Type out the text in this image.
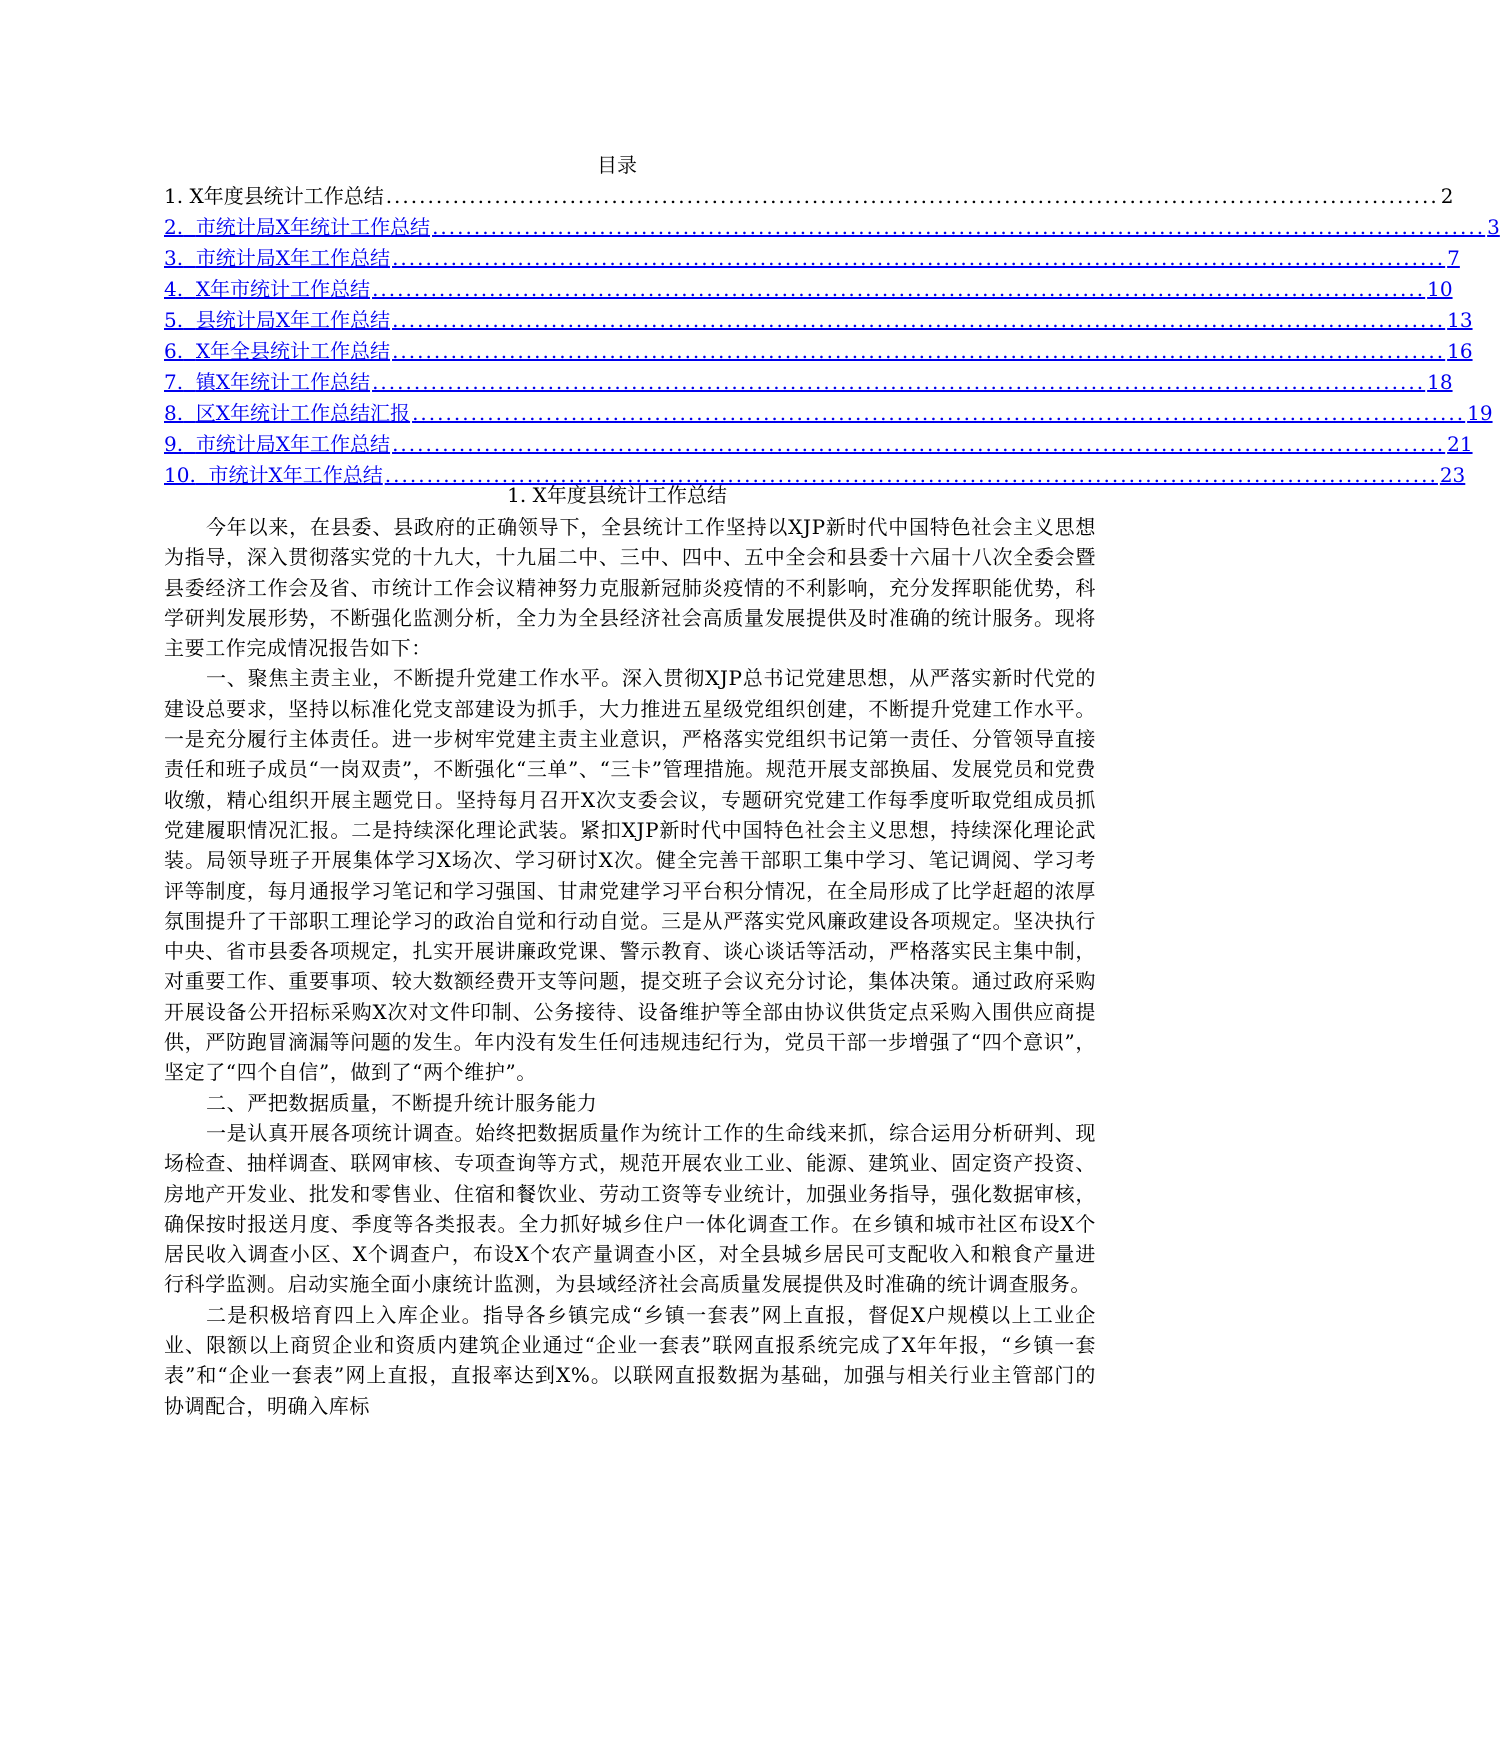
目录
1.
X年度县统计工作总结 .............................................................................................................................. 2
2.
市统计局X年统计工作总结 .............................................................................................................................. 3
3.
市统计局X年工作总结 .............................................................................................................................. 7
4.
X年市统计工作总结 .............................................................................................................................. 10
5.
县统计局X年工作总结 .............................................................................................................................. 13
6.
X年全县统计工作总结 .............................................................................................................................. 16
7.
镇X年统计工作总结 .............................................................................................................................. 18
8.
区X年统计工作总结汇报 .............................................................................................................................. 19
9.
市统计局X年工作总结 .............................................................................................................................. 21
10.
市统计X年工作总结 .............................................................................................................................. 23
1. X年度县统计工作总结

今年以来，在县委、县政府的正确领导下，全县统计工作坚持以XJP新时代中国特色社会主义思想为指导，深入贯彻落实党的十九大，十九届二中、三中、四中、五中全会和县委十六届十八次全委会暨县委经济工作会及省、市统计工作会议精神努力克服新冠肺炎疫情的不利影响，充分发挥职能优势，科学研判发展形势，不断强化监测分析，全力为全县经济社会高质量发展提供及时准确的统计服务。现将主要工作完成情况报告如下：

一、聚焦主责主业，不断提升党建工作水平。深入贯彻XJP总书记党建思想，从严落实新时代党的建设总要求，坚持以标准化党支部建设为抓手，大力推进五星级党组织创建，不断提升党建工作水平。一是充分履行主体责任。进一步树牢党建主责主业意识，严格落实党组织书记第一责任、分管领导直接责任和班子成员“一岗双责”，不断强化“三单”、“三卡”管理措施。规范开展支部换届、发展党员和党费收缴，精心组织开展主题党日。坚持每月召开X次支委会议，专题研究党建工作每季度听取党组成员抓党建履职情况汇报。二是持续深化理论武装。紧扣XJP新时代中国特色社会主义思想，持续深化理论武装。局领导班子开展集体学习X场次、学习研讨X次。健全完善干部职工集中学习、笔记调阅、学习考评等制度，每月通报学习笔记和学习强国、甘肃党建学习平台积分情况，在全局形成了比学赶超的浓厚氛围提升了干部职工理论学习的政治自觉和行动自觉。三是从严落实党风廉政建设各项规定。坚决执行中央、省市县委各项规定，扎实开展讲廉政党课、警示教育、谈心谈话等活动，严格落实民主集中制，对重要工作、重要事项、较大数额经费开支等问题，提交班子会议充分讨论，集体决策。通过政府采购开展设备公开招标采购X次对文件印制、公务接待、设备维护等全部由协议供货定点采购入围供应商提供，严防跑冒滴漏等问题的发生。年内没有发生任何违规违纪行为，党员干部一步增强了“四个意识”，坚定了“四个自信”，做到了“两个维护”。

二、严把数据质量，不断提升统计服务能力

一是认真开展各项统计调查。始终把数据质量作为统计工作的生命线来抓，综合运用分析研判、现场检查、抽样调查、联网审核、专项查询等方式，规范开展农业工业、能源、建筑业、固定资产投资、房地产开发业、批发和零售业、住宿和餐饮业、劳动工资等专业统计，加强业务指导，强化数据审核，确保按时报送月度、季度等各类报表。全力抓好城乡住户一体化调查工作。在乡镇和城市社区布设X个居民收入调查小区、X个调查户，布设X个农产量调查小区，对全县城乡居民可支配收入和粮食产量进行科学监测。启动实施全面小康统计监测，为县域经济社会高质量发展提供及时准确的统计调查服务。

二是积极培育四上入库企业。指导各乡镇完成“乡镇一套表”网上直报，督促X户规模以上工业企业、限额以上商贸企业和资质内建筑企业通过“企业一套表”联网直报系统完成了X年年报，“乡镇一套表”和“企业一套表”网上直报，直报率达到X%。以联网直报数据为基础，加强与相关行业主管部门的协调配合，明确入库标
